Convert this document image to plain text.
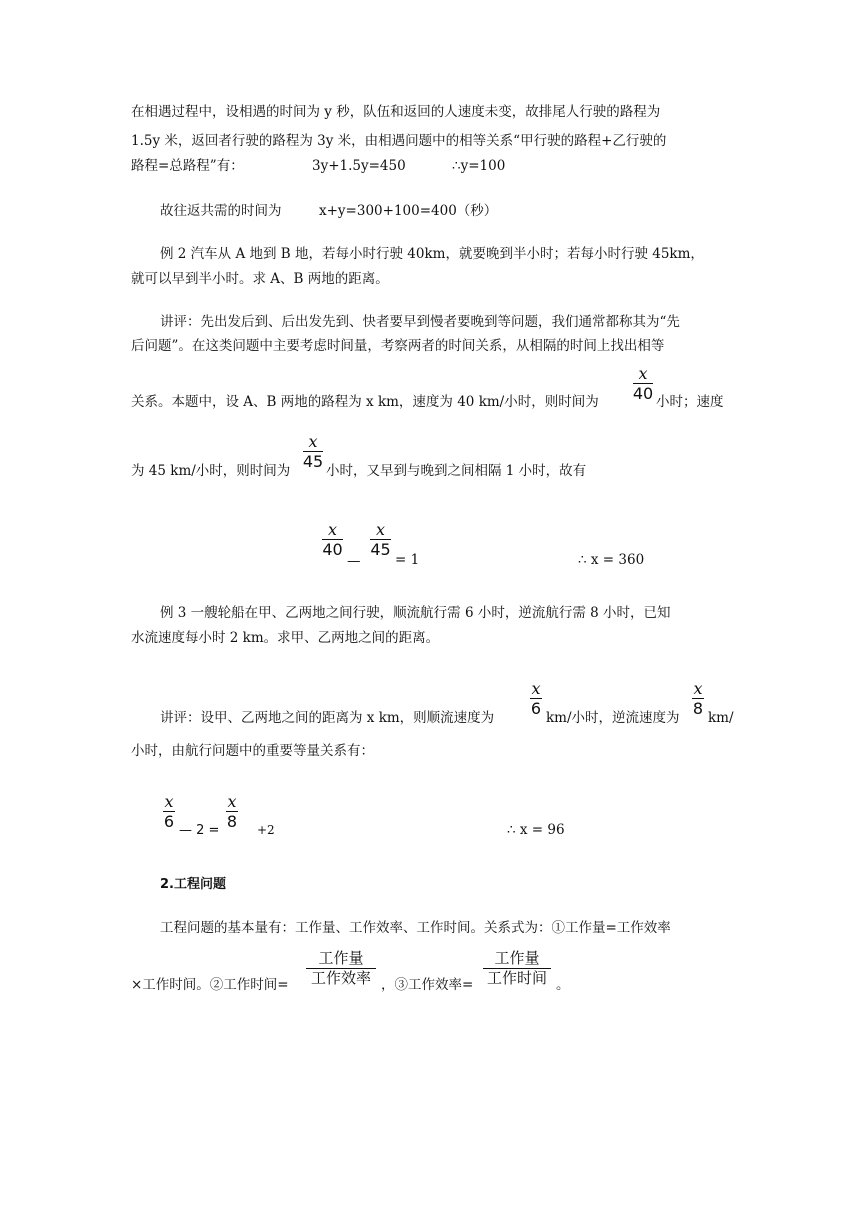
在相遇过程中，设相遇的时间为 y 秒，队伍和返回的人速度未变，故排尾人行驶的路程为
1.5y 米，返回者行驶的路程为 3y 米，由相遇问题中的相等关系“甲行驶的路程+乙行驶的
路程=总路程”有：	3y+1.5y=450	∴y=100
故往返共需的时间为	x+y=300+100=400（秒）
例 2 汽车从 A 地到 B 地，若每小时行驶 40km，就要晚到半小时；若每小时行驶 45km，
就可以早到半小时。求 A、B 两地的距离。
讲评：先出发后到、后出发先到、快者要早到慢者要晚到等问题，我们通常都称其为“先
后问题”。在这类问题中主要考虑时间量，考察两者的时间关系，从相隔的时间上找出相等
关系。本题中，设 A、B 两地的路程为 x km，速度为 40 km/小时，则时间为
x
40 小时；速度
为 45 km/小时，则时间为
x
45 小时，又早到与晚到之间相隔 1 小时，故有
x
40
—
x
45
= 1	∴ x = 360
例 3 一艘轮船在甲、乙两地之间行驶，顺流航行需 6 小时，逆流航行需 8 小时，已知
水流速度每小时 2 km。求甲、乙两地之间的距离。
讲评：设甲、乙两地之间的距离为 x km，则顺流速度为
x
6 km/小时，逆流速度为
x
8 km/
小时，由航行问题中的重要等量关系有：
x
6 — 2 =
x
8 +2	∴ x = 96
2.工程问题
工程问题的基本量有：工作量、工作效率、工作时间。关系式为：①工作量=工作效率
×工作时间。②工作时间=
工作量
工作效率 ，③工作效率=
工作量
工作时间 。
